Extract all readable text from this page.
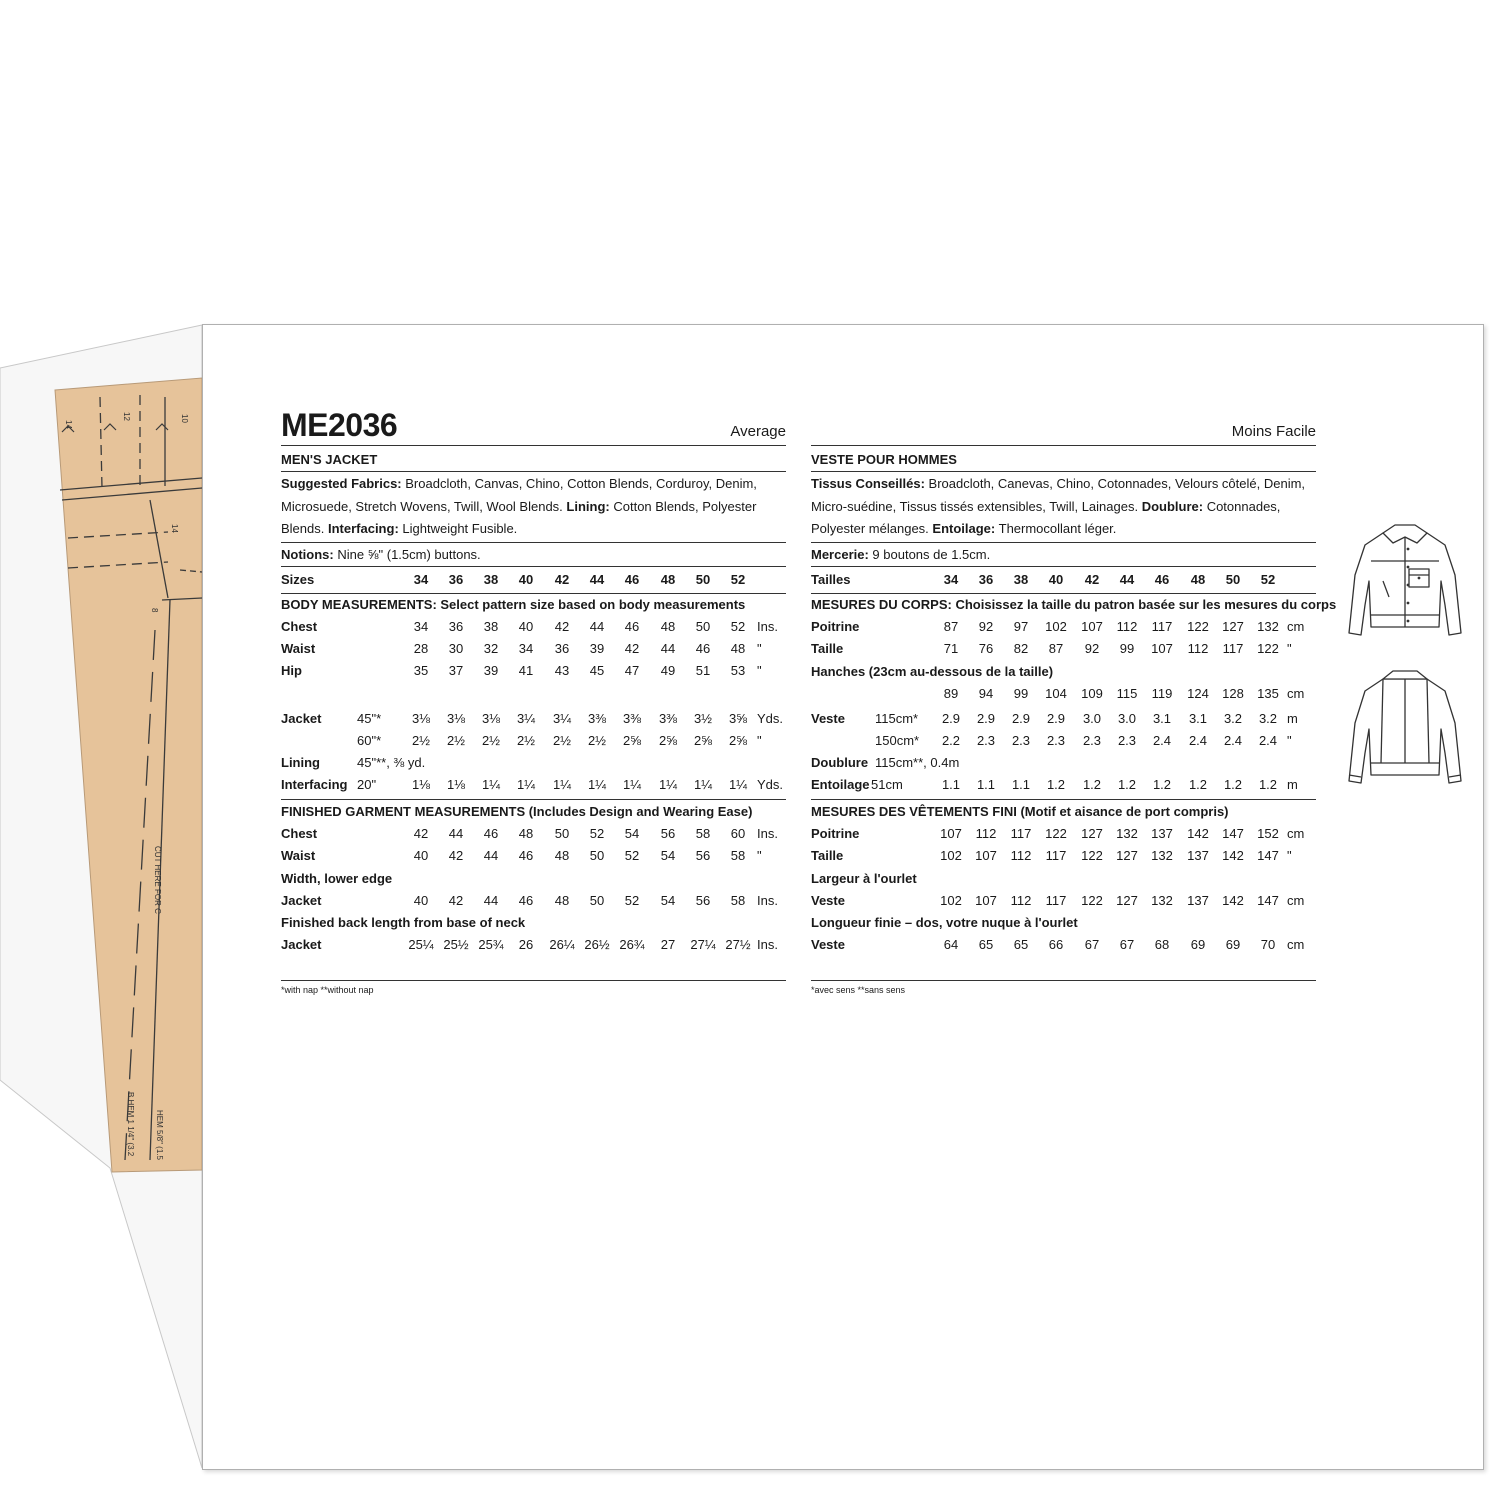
14
12	10
14
8
CUT HERE FOR C
HEM 5/8" (1.5
B HEM 1 1/4" (3.2
ME2036	Average
MEN'S JACKET
Suggested Fabrics: Broadcloth, Canvas, Chino, Cotton Blends, Corduroy, Denim, Microsuede, Stretch Wovens, Twill, Wool Blends. Lining: Cotton Blends, Polyester Blends. Interfacing: Lightweight Fusible.
Notions: Nine ⅝" (1.5cm) buttons.
Sizes	34	36	38	40	42	44	46	48	50	52
BODY MEASUREMENTS: Select pattern size based on body measurements
Chest	34	36	38	40	42	44	46	48	50	52 Ins.
Waist	28	30	32	34	36	39	42	44	46	48 "
Hip	35	37	39	41	43	45	47	49	51	53 "
Jacket	45"*	3⅛	3⅛	3⅛	3¼	3¼	3⅜	3⅜	3⅜	3½	3⅝ Yds.
60"*	2½	2½	2½	2½	2½	2½	2⅝	2⅝	2⅝	2⅝ "
Lining	45"**, ⅜ yd.
Interfacing 20"	1⅛	1⅛	1¼	1¼	1¼	1¼	1¼	1¼	1¼	1¼ Yds.
FINISHED GARMENT MEASUREMENTS (Includes Design and Wearing Ease)
Chest	42	44	46	48	50	52	54	56	58	60 Ins.
Waist	40	42	44	46	48	50	52	54	56	58 "
Width, lower edge
Jacket	40	42	44	46	48	50	52	54	56	58 Ins.
Finished back length from base of neck
Jacket	25¼ 25½ 25¾	26	26¼ 26½ 26¾	27	27¼ 27½ Ins.
*with nap **without nap
Moins Facile
VESTE POUR HOMMES
Tissus Conseillés: Broadcloth, Canevas, Chino, Cotonnades, Velours côtelé, Denim, Micro-suédine, Tissus tissés extensibles, Twill, Lainages. Doublure: Cotonnades, Polyester mélanges. Entoilage: Thermocollant léger.
Mercerie: 9 boutons de 1.5cm.
Tailles	34	36	38	40	42	44	46	48	50	52
MESURES DU CORPS: Choisissez la taille du patron basée sur les mesures du corps
Poitrine	87	92	97	102	107	112	117	122	127	132 cm
Taille	71	76	82	87	92	99	107	112	117	122 "
Hanches (23cm au-dessous de la taille)
89	94	99	104	109	115	119	124	128	135 cm
Veste 115cm*	2.9	2.9	2.9	2.9	3.0	3.0	3.1	3.1	3.2	3.2 m
150cm*	2.2	2.3	2.3	2.3	2.3	2.3	2.4	2.4	2.4	2.4 "
Doublure 115cm**, 0.4m
Entoilage 51cm	1.1	1.1	1.1	1.2	1.2	1.2	1.2	1.2	1.2	1.2 m
MESURES DES VÊTEMENTS FINI (Motif et aisance de port compris)
Poitrine	107	112	117	122	127	132	137	142	147	152 cm
Taille	102	107	112	117	122	127	132	137	142	147 "
Largeur à l'ourlet
Veste	102	107	112	117	122	127	132	137	142	147 cm
Longueur finie – dos, votre nuque à l'ourlet
Veste	64	65	65	66	67	67	68	69	69	70 cm
*avec sens **sans sens
